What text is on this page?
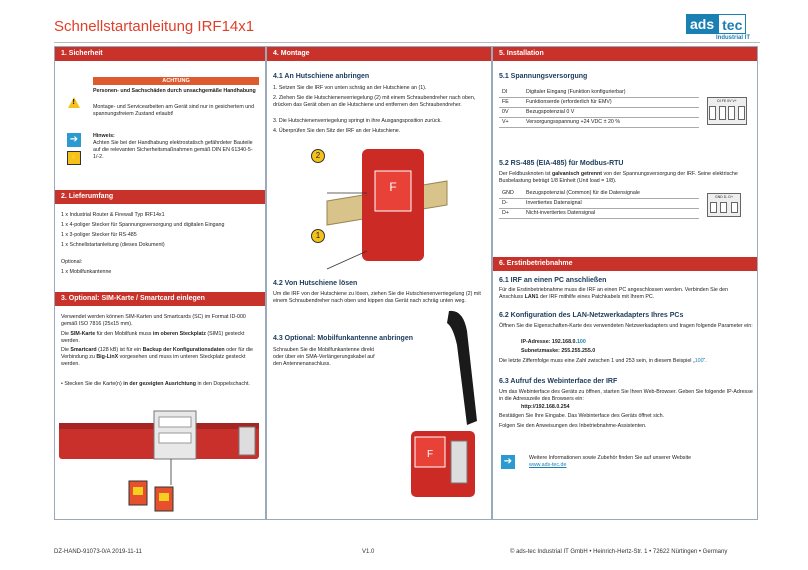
Schnellstartanleitung IRF14x1	ads tec
Industrial IT
1. Sicherheit
!
ACHTUNG
Personen- und Sachschäden durch unsachgemäße Handhabung
Montage- und Servicearbeiten am Gerät sind nur in gesichertem und spannungsfreiem Zustand erlaubt!
➔
⚡
Hinweis:
Achten Sie bei der Handhabung elektrostatisch gefährdeter Bauteile auf die relevanten Sicherheitsmaßnahmen gemäß DIN EN 61340-5-1/-2.
2. Lieferumfang
1 x Industrial Router & Firewall Typ IRF14x1
1 x 4-poliger Stecker für Spannungsversorgung und digitalen Eingang
1 x 3-poliger Stecker für RS-485
1 x Schnellstartanleitung (dieses Dokument)
Optional:
1 x Mobilfunkantenne
3. Optional: SIM-Karte / Smartcard einlegen
Verwendet werden können SIM-Karten und Smartcards (SC) im Format ID-000 gemäß ISO 7816 (25x15 mm).
Die SIM-Karte für den Mobilfunk muss im oberen Steckplatz (SIM1) gesteckt werden.
Die Smartcard (128 kB) ist für ein Backup der Konfigurationsdaten oder für die Verbindung zu Big-LinX vorgesehen und muss im unteren Steckplatz gesteckt werden.
• Stecken Sie die Karte(n) in der gezeigten Ausrichtung in den Doppelschacht.
4. Montage
4.1 An Hutschiene anbringen
1. Setzen Sie die IRF von unten schräg an der Hutschiene an (1).
2. Ziehen Sie die Hutschienenverriegelung (2) mit einem Schraubendreher nach oben, drücken das Gerät oben an die Hutschiene und entfernen den Schraubendreher.
3. Die Hutschienenverriegelung springt in ihre Ausgangsposition zurück.
4. Überprüfen Sie den Sitz der IRF an der Hutschiene.
F
2
1
4.2 Von Hutschiene lösen
Um die IRF von der Hutschiene zu lösen, ziehen Sie die Hutschienenverriegelung (2) mit einem Schraubendreher nach oben und kippen das Gerät nach schräg unten weg.
4.3 Optional: Mobilfunkantenne anbringen
Schrauben Sie die Mobilfunkantenne direkt oder über ein SMA-Verlängerungskabel auf den Antennenanschluss.
F
5. Installation
5.1 Spannungsversorgung
DI	Digitaler Eingang (Funktion konfigurierbar)
FE	Funktionserde (erforderlich für EMV)
0V	Bezugspotenzial 0 V
V+	Versorgungsspannung +24 VDC ± 20 %
DI FE 0V V+
5.2 RS-485 (EIA-485) für Modbus-RTU
Der Feldbusknoten ist galvanisch getrennt von der Spannungsversorgung der IRF. Seine elektrische Busbelastung beträgt 1/8 Einheit (Unit load = 1/8).
GND	Bezugspotenzial (Common) für die Datensignale
D-	Invertiertes Datensignal
D+	Nicht-invertiertes Datensignal
GND D- D+
6. Erstinbetriebnahme
6.1 IRF an einen PC anschließen
Für die Erstinbetriebnahme muss die IRF an einen PC angeschlossen werden. Verbinden Sie den Anschluss LAN1 der IRF mithilfe eines Patchkabels mit Ihrem PC.
6.2 Konfiguration des LAN-Netzwerkadapters Ihres PCs
Öffnen Sie die Eigenschaften-Karte des verwendeten Netzwerkadapters und tragen folgende Parameter ein:
IP-Adresse: 192.168.0.100
Subnetzmaske: 255.255.255.0
Die letzte Ziffernfolge muss eine Zahl zwischen 1 und 253 sein, in diesem Beispiel „100“.
6.3 Aufruf des Webinterface der IRF
Um das Webinterface des Geräts zu öffnen, starten Sie Ihren Web-Browser. Geben Sie folgende IP-Adresse in die Adresszeile des Browsers ein:
http://192.168.0.254
Bestätigen Sie Ihre Eingabe. Das Webinterface des Geräts öffnet sich.
Folgen Sie den Anweisungen des Inbetriebnahme-Assistenten.
➔	Weitere Informationen sowie Zubehör finden Sie auf unserer Website
www.ads-tec.de
DZ-HAND-91073-0/A 2019-11-11	V1.0	© ads-tec Industrial IT GmbH • Heinrich-Hertz-Str. 1 • 72622 Nürtingen • Germany
